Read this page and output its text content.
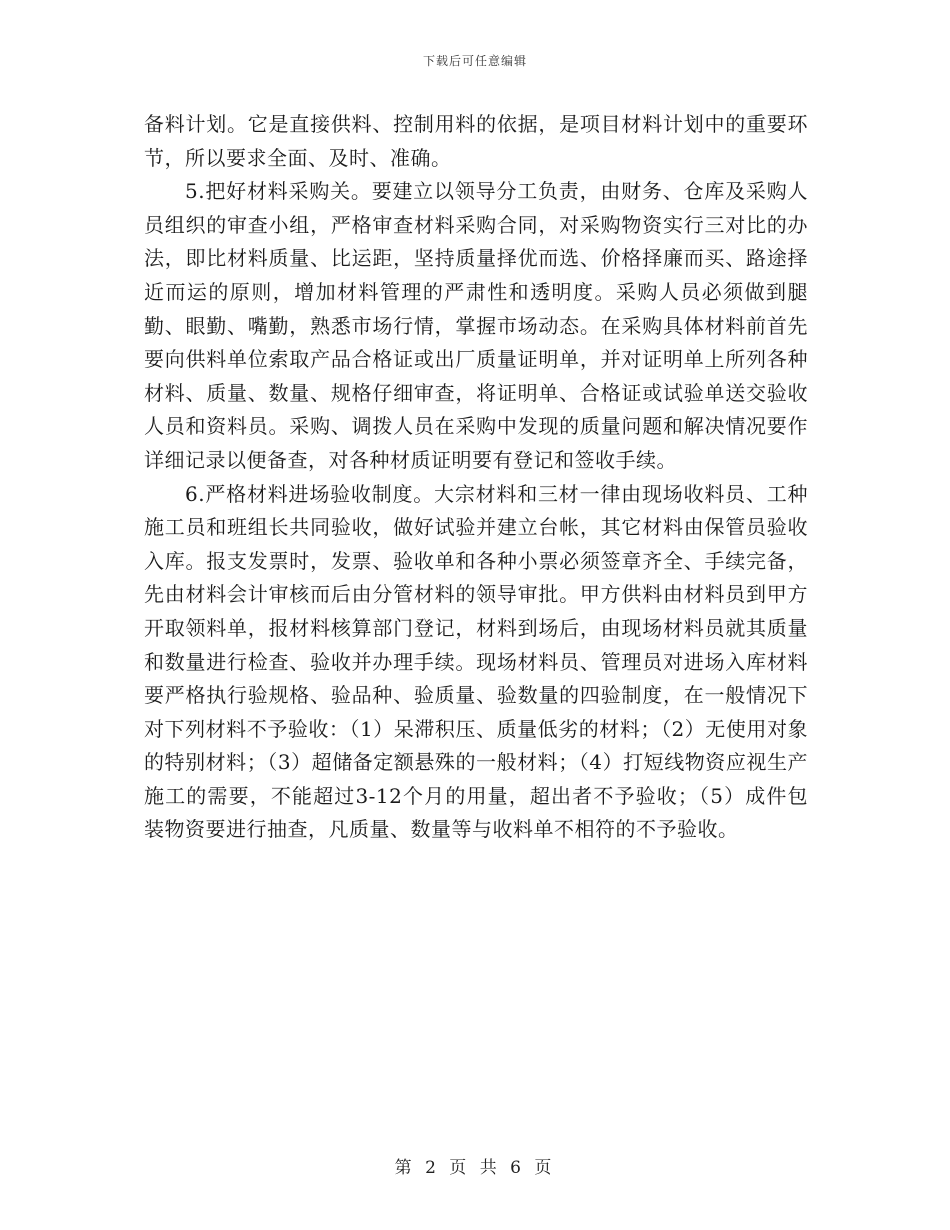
下载后可任意编辑

备料计划。它是直接供料、控制用料的依据，是项目材料计划中的重要环节，所以要求全面、及时、准确。

5.把好材料采购关。要建立以领导分工负责，由财务、仓库及采购人员组织的审查小组，严格审查材料采购合同，对采购物资实行三对比的办法，即比材料质量、比运距，坚持质量择优而选、价格择廉而买、路途择近而运的原则，增加材料管理的严肃性和透明度。采购人员必须做到腿勤、眼勤、嘴勤，熟悉市场行情，掌握市场动态。在采购具体材料前首先要向供料单位索取产品合格证或出厂质量证明单，并对证明单上所列各种材料、质量、数量、规格仔细审查，将证明单、合格证或试验单送交验收人员和资料员。采购、调拨人员在采购中发现的质量问题和解决情况要作详细记录以便备查，对各种材质证明要有登记和签收手续。

6.严格材料进场验收制度。大宗材料和三材一律由现场收料员、工种施工员和班组长共同验收，做好试验并建立台帐，其它材料由保管员验收入库。报支发票时，发票、验收单和各种小票必须签章齐全、手续完备，先由材料会计审核而后由分管材料的领导审批。甲方供料由材料员到甲方开取领料单，报材料核算部门登记，材料到场后，由现场材料员就其质量和数量进行检查、验收并办理手续。现场材料员、管理员对进场入库材料要严格执行验规格、验品种、验质量、验数量的四验制度，在一般情况下对下列材料不予验收：（1）呆滞积压、质量低劣的材料；（2）无使用对象的特别材料；（3）超储备定额悬殊的一般材料；（4）打短线物资应视生产施工的需要，不能超过3-12个月的用量，超出者不予验收；（5）成件包装物资要进行抽查，凡质量、数量等与收料单不相符的不予验收。

第 2 页 共 6 页
